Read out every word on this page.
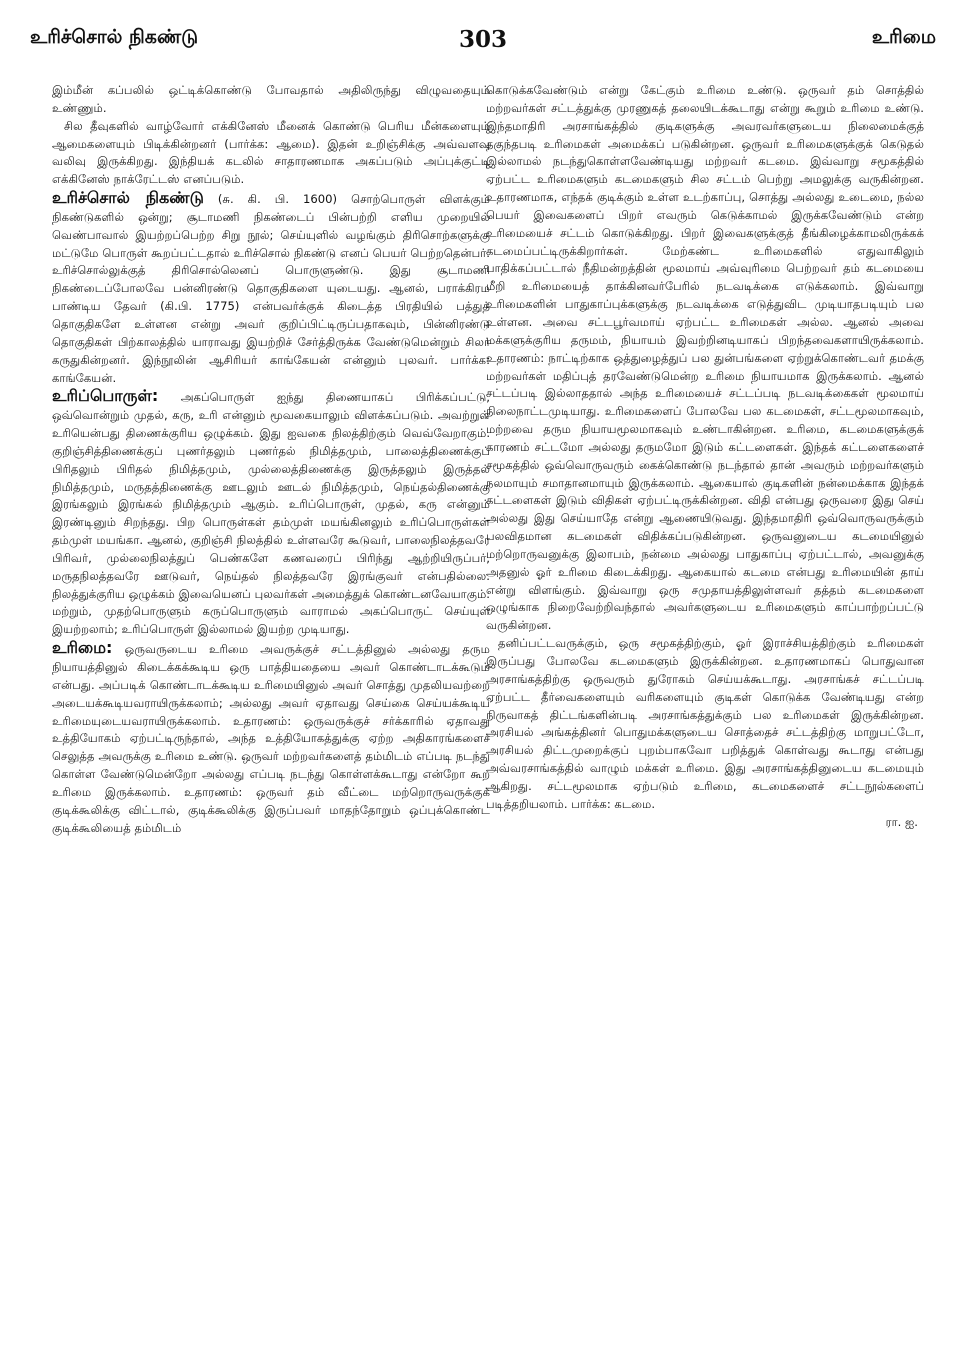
உரிச்சொல் நிகண்டு	303	உரிமை

இம்மீன் கப்பலில் ஒட்டிக்கொண்டு போவதால் அதிலிருந்து விழுவதையும் உண்ணும்.

சில தீவுகளில் வாழ்வோர் எக்கினேஸ் மீனைக் கொண்டு பெரிய மீன்களையும் ஆமைகளையும் பிடிக்கின்றனர் (பார்க்க: ஆமை). இதன் உறிஞ்சிக்கு அவ்வளவு வலிவு இருக்கிறது. இந்தியக் கடலில் சாதாரணமாக அகப்படும் அப்புக்குட்டி எக்கினேஸ் நாக்ரேட்டஸ் எனப்படும்.

உரிச்சொல் நிகண்டு (சு. கி. பி. 1600) சொற்பொருள் விளக்கும் நிகண்டுகளில் ஒன்று; சூடாமணி நிகண்டைப் பின்பற்றி எளிய முறையில் வெண்பாவால் இயற்றப்பெற்ற சிறு நூல்; செய்யுளில் வழங்கும் திரிசொற்களுக்கு மட்டுமே பொருள் கூறப்பட்டதால் உரிச்சொல் நிகண்டு எனப் பெயர் பெற்றதென்பர். உரிச்சொல்லுக்குத் திரிசொல்லெனப் பொருளுண்டு. இது சூடாமணி நிகண்டைப்போலவே பன்னிரண்டு தொகுதிகளை யுடையது. ஆனல், பராக்கிரம பாண்டிய தேவர் (கி.பி. 1775) என்பவர்க்குக் கிடைத்த பிரதியில் பத்துத் தொகுதிகளே உள்ளன என்று அவர் குறிப்பிட்டிருப்பதாகவும், பின்னிரண்டு தொகுதிகள் பிற்காலத்தில் யாராவது இயற்றிச் சேர்த்திருக்க வேண்டுமென்றும் சிலர் கருதுகின்றனர். இந்நூலின் ஆசிரியர் காங்கேயன் என்னும் புலவர். பார்க்க: காங்கேயன்.

உரிப்பொருள்: அகப்பொருள் ஐந்து திணையாகப் பிரிக்கப்பட்டு, ஒவ்வொன்றும் முதல், கரு, உரி என்னும் மூவகையாலும் விளக்கப்படும். அவற்றுள் உரியென்பது திணைக்குரிய ஒழுக்கம். இது ஐவகை நிலத்திற்கும் வெவ்வேறாகும். குறிஞ்சித்திணைக்குப் புணர்தலும் புணர்தல் நிமித்தமும், பாலைத்திணைக்குப் பிரிதலும் பிரிதல் நிமித்தமும், முல்லைத்திணைக்கு இருத்தலும் இருத்தல் நிமித்தமும், மருதத்திணைக்கு ஊடலும் ஊடல் நிமித்தமும், நெய்தல்திணைக்கு இரங்கலும் இரங்கல் நிமித்தமும் ஆகும். உரிப்பொருள், முதல், கரு என்னும் இரண்டினும் சிறந்தது. பிற பொருள்கள் தம்முள் மயங்கினலும் உரிப்பொருள்கள் தம்முள் மயங்கா. ஆனல், குறிஞ்சி நிலத்தில் உள்ளவரே கூடுவர், பாலைநிலத்தவரே பிரிவர், முல்லைநிலத்துப் பெண்களே கணவரைப் பிரிந்து ஆற்றியிருப்பர், மருதநிலத்தவரே ஊடுவர், நெய்தல் நிலத்தவரே இரங்குவர் என்பதில்லை. நிலத்துக்குரிய ஒழுக்கம் இவையெனப் புலவர்கள் அமைத்துக் கொண்டனவேயாகும். மற்றும், முதற்பொருளும் கருப்பொருளும் வாராமல் அகப்பொருட் செய்யுள் இயற்றலாம்; உரிப்பொருள் இல்லாமல் இயற்ற முடியாது.

உரிமை: ஒருவருடைய உரிமை அவருக்குச் சட்டத்தினுல் அல்லது தரும நியாயத்தினுல் கிடைக்கக்கூடிய ஒரு பாத்தியதையை அவர் கொண்டாடக்கூடும் என்பது. அப்படிக் கொண்டாடக்கூடிய உரிமையினுல் அவர் சொத்து முதலியவற்றை அடையக்கூடியவராயிருக்கலாம்; அல்லது அவர் ஏதாவது செய்கை செய்யக்கூடிய உரிமையுடையவராயிருக்கலாம். உதாரணம்: ஒருவருக்குச் சர்க்காரில் ஏதாவது உத்தியோகம் ஏற்பட்டிருந்தால், அந்த உத்தியோகத்துக்கு ஏற்ற அதிகாரங்களைச் செலுத்த அவருக்கு உரிமை உண்டு. ஒருவர் மற்றவர்களைத் தம்மிடம் எப்படி நடந்து கொள்ள வேண்டுமென்றோ அல்லது எப்படி நடந்து கொள்ளக்கூடாது என்றோ கூற உரிமை இருக்கலாம். உதாரணம்: ஒருவர் தம் வீட்டை மற்றொருவருக்குக் குடிக்கூலிக்கு விட்டால், குடிக்கூலிக்கு இருப்பவர் மாதந்தோறும் ஒப்புக்கொண்ட குடிக்கூலியைத் தம்மிடம்

கொடுக்கவேண்டும் என்று கேட்கும் உரிமை உண்டு. ஒருவர் தம் சொத்தில் மற்றவர்கள் சட்டத்துக்கு முரணுகத் தலையிடக்கூடாது என்று கூறும் உரிமை உண்டு. இந்தமாதிரி அரசாங்கத்தில் குடிகளுக்கு அவரவர்களுடைய நிலைமைக்குத் தகுந்தபடி உரிமைகள் அமைக்கப் படுகின்றன. ஒருவர் உரிமைகளுக்குக் கெடுதல் இல்லாமல் நடந்துகொள்ளவேண்டியது மற்றவர் கடமை. இவ்வாறு சமூகத்தில் ஏற்பட்ட உரிமைகளும் கடமைகளும் சில சட்டம் பெற்று அமலுக்கு வருகின்றன. உதாரணமாக, எந்தக் குடிக்கும் உள்ள உடற்காப்பு, சொத்து அல்லது உடைமை, நல்ல பெயர் இவைகளைப் பிறர் எவரும் கெடுக்காமல் இருக்கவேண்டும் என்ற உரிமையைச் சட்டம் கொடுக்கிறது. பிறர் இவைகளுக்குத் தீங்கிழைக்காமலிருக்கக் கடமைப்பட்டிருக்கிறார்கள். மேற்கண்ட உரிமைகளில் எதுவாகிலும் பாதிக்கப்பட்டால் நீதிமன்றத்தின் மூலமாய் அவ்வுரிமை பெற்றவர் தம் கடமையை மீறி உரிமையைத் தாக்கினவர்பேரில் நடவடிக்கை எடுக்கலாம். இவ்வாறு உரிமைகளின் பாதுகாப்புக்களுக்கு நடவடிக்கை எடுத்துவிட முடியாதபடியும் பல உள்ளன. அவை சட்டபூர்வமாய் ஏற்பட்ட உரிமைகள் அல்ல. ஆனல் அவை மக்களுக்குரிய தருமம், நியாயம் இவற்றினடியாகப் பிறந்தவைகளாயிருக்கலாம். உதாரணம்: நாட்டிற்காக ஒத்துழைத்துப் பல துன்பங்களை ஏற்றுக்கொண்டவர் தமக்கு மற்றவர்கள் மதிப்புத் தரவேண்டுமென்ற உரிமை நியாயமாக இருக்கலாம். ஆனல் சட்டப்படி இல்லாததால் அந்த உரிமையைச் சட்டப்படி நடவடிக்கைகள் மூலமாய் நிலைநாட்டமுடியாது. உரிமைகளைப் போலவே பல கடமைகள், சட்டமூலமாகவும், மற்றவை தரும நியாயமூலமாகவும் உண்டாகின்றன. உரிமை, கடமைகளுக்குக் காரணம் சட்டமோ அல்லது தருமமோ இடும் கட்டளைகள். இந்தக் கட்டளைகளைச் சமூகத்தில் ஒவ்வொருவரும் கைக்கொண்டு நடந்தால் தான் அவரும் மற்றவர்களும் நலமாயும் சமாதானமாயும் இருக்கலாம். ஆகையால் குடிகளின் நன்மைக்காக இந்தக் கட்டளைகள் இடும் விதிகள் ஏற்பட்டிருக்கின்றன. விதி என்பது ஒருவரை இது செய் அல்லது இது செய்யாதே என்று ஆணையிடுவது. இந்தமாதிரி ஒவ்வொருவருக்கும் பலவிதமான கடமைகள் விதிக்கப்படுகின்றன. ஒருவனுடைய கடமையினுல் மற்றொருவனுக்கு இலாபம், நன்மை அல்லது பாதுகாப்பு ஏற்பட்டால், அவனுக்கு அதனுல் ஓர் உரிமை கிடைக்கிறது. ஆகையால் கடமை என்பது உரிமையின் தாய் என்று விளங்கும். இவ்வாறு ஒரு சமுதாயத்திலுள்ளவர் தத்தம் கடமைகளை ஒழுங்காக நிறைவேற்றிவந்தால் அவர்களுடைய உரிமைகளும் காப்பாற்றப்பட்டு வருகின்றன.

தனிப்பட்டவருக்கும், ஒரு சமூகத்திற்கும், ஓர் இராச்சியத்திற்கும் உரிமைகள் இருப்பது போலவே கடமைகளும் இருக்கின்றன. உதாரணமாகப் பொதுவான அரசாங்கத்திற்கு ஒருவரும் துரோகம் செய்யக்கூடாது. அரசாங்கச் சட்டப்படி ஏற்பட்ட தீர்வைகளையும் வரிகளையும் குடிகள் கொடுக்க வேண்டியது என்ற நிருவாகத் திட்டங்களின்படி அரசாங்கத்துக்கும் பல உரிமைகள் இருக்கின்றன. அரசியல் அங்கத்தினர் பொதுமக்களுடைய சொத்தைச் சட்டத்திற்கு மாறுபட்டோ, அரசியல் திட்டமுறைக்குப் புறம்பாகவோ பறித்துக் கொள்வது கூடாது என்பது அவ்வரசாங்கத்தில் வாழும் மக்கள் உரிமை. இது அரசாங்கத்தினுடைய கடமையும் ஆகிறது. சட்டமூலமாக ஏற்படும் உரிமை, கடமைகளைச் சட்டநூல்களைப் படித்தறியலாம். பார்க்க: கடமை.

ரா. ஐ.
